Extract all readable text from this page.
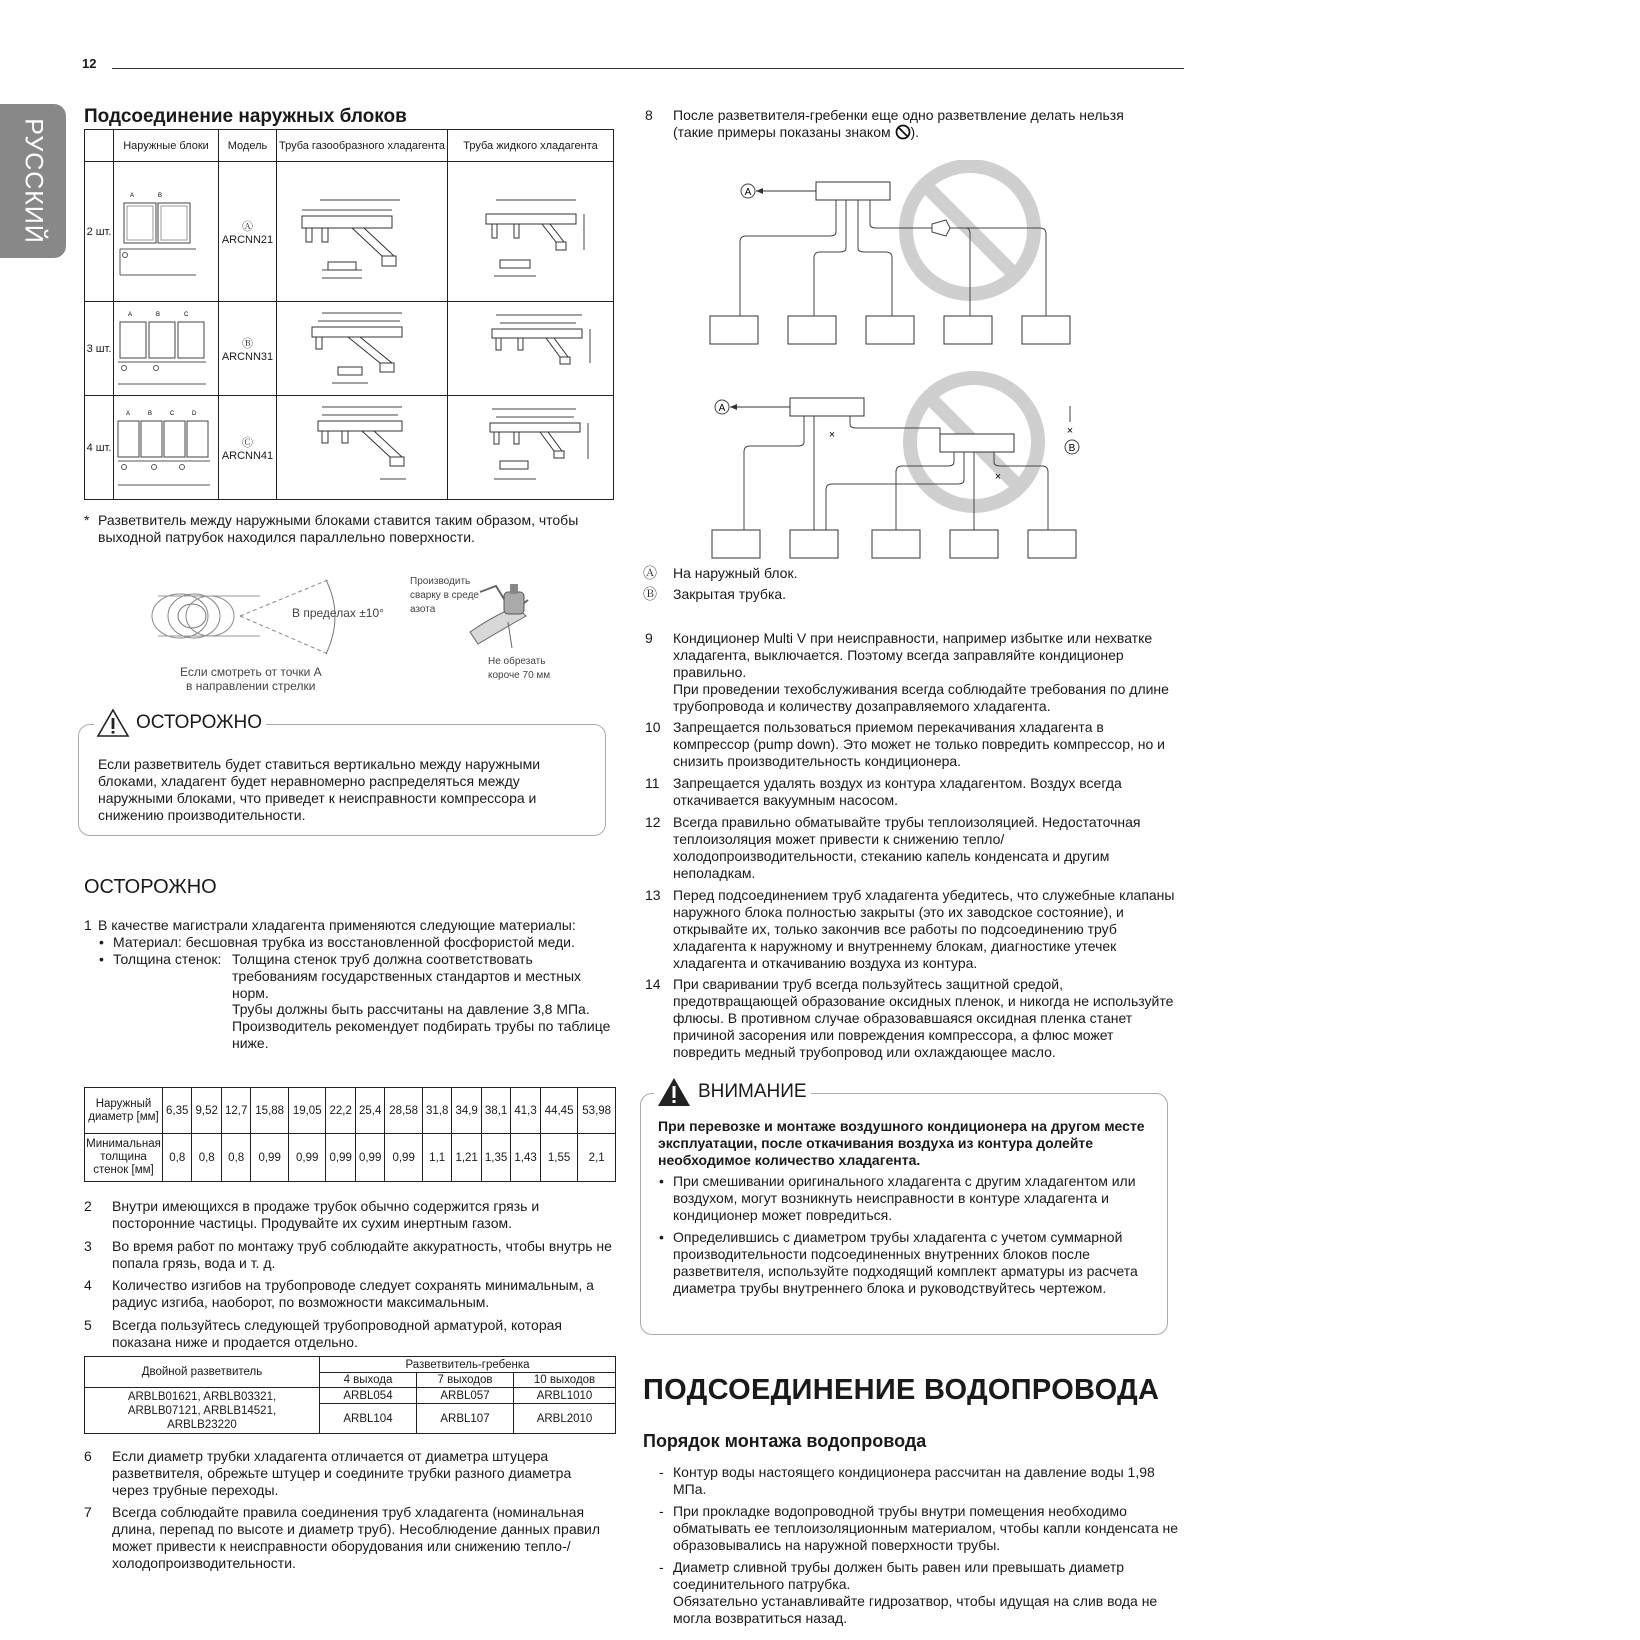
12
РУССКИЙ
Подсоединение наружных блоков
	Наружные блоки	Модель	Труба газообразного хладагента	Труба жидкого хладагента
2 шт.	A B	Ⓐ ARCNN21		
3 шт.	A B C	Ⓑ ARCNN31		
4 шт.	A B C D	Ⓒ ARCNN41		
* Разветвитель между наружными блоками ставится таким образом, чтобы выходной патрубок находился параллельно поверхности.
В пределах ±10°
Если смотреть от точки А
в направлении стрелки
Производить
сварку в среде
азота
Не обрезать
короче 70 мм
ОСТОРОЖНО
Если разветвитель будет ставиться вертикально между наружными блоками, хладагент будет неравномерно распределяться между наружными блоками, что приведет к неисправности компрессора и снижению производительности.
ОСТОРОЖНО
1 В качестве магистрали хладагента применяются следующие материалы:
• Материал: бесшовная трубка из восстановленной фосфористой меди.
• Толщина стенок: Толщина стенок труб должна соответствовать требованиям государственных стандартов и местных норм.
Трубы должны быть рассчитаны на давление 3,8 МПа. Производитель рекомендует подбирать трубы по таблице ниже.
Наружный диаметр [мм]	6,35	9,52	12,7	15,88	19,05	22,2	25,4	28,58	31,8	34,9	38,1	41,3	44,45	53,98
Минимальная толщина стенок [мм]	0,8	0,8	0,8	0,99	0,99	0,99	0,99	0,99	1,1	1,21	1,35	1,43	1,55	2,1
2 Внутри имеющихся в продаже трубок обычно содержится грязь и посторонние частицы. Продувайте их сухим инертным газом.
3 Во время работ по монтажу труб соблюдайте аккуратность, чтобы внутрь не попала грязь, вода и т. д.
4 Количество изгибов на трубопроводе следует сохранять минимальным, а радиус изгиба, наоборот, по возможности максимальным.
5 Всегда пользуйтесь следующей трубопроводной арматурой, которая показана ниже и продается отдельно.
Двойной разветвитель	Разветвитель-гребенка		
	4 выхода	7 выходов	10 выходов
ARBLB01621, ARBLB03321, ARBLB07121, ARBLB14521, ARBLB23220	ARBL054	ARBL057	ARBL1010
	ARBL104	ARBL107	ARBL2010
6 Если диаметр трубки хладагента отличается от диаметра штуцера разветвителя, обрежьте штуцер и соедините трубки разного диаметра через трубные переходы.
7 Всегда соблюдайте правила соединения труб хладагента (номинальная длина, перепад по высоте и диаметр труб). Несоблюдение данных правил может привести к неисправности оборудования или снижению тепло-/холодопроизводительности.
8 После разветвителя-гребенки еще одно разветвление делать нельзя
(такие примеры показаны знаком ).
A
A
×
×
×
B
Ⓐ На наружный блок.
Ⓑ Закрытая трубка.
9 Кондиционер Multi V при неисправности, например избытке или нехватке хладагента, выключается. Поэтому всегда заправляйте кондиционер правильно.
При проведении техобслуживания всегда соблюдайте требования по длине трубопровода и количеству дозаправляемого хладагента.
10 Запрещается пользоваться приемом перекачивания хладагента в компрессор (pump down). Это может не только повредить компрессор, но и снизить производительность кондиционера.
11 Запрещается удалять воздух из контура хладагентом. Воздух всегда откачивается вакуумным насосом.
12 Всегда правильно обматывайте трубы теплоизоляцией. Недостаточная теплоизоляция может привести к снижению тепло/холодопроизводительности, стеканию капель конденсата и другим неполадкам.
13 Перед подсоединением труб хладагента убедитесь, что служебные клапаны наружного блока полностью закрыты (это их заводское состояние), и открывайте их, только закончив все работы по подсоединению труб хладагента к наружному и внутреннему блокам, диагностике утечек хладагента и откачиванию воздуха из контура.
14 При сваривании труб всегда пользуйтесь защитной средой, предотвращающей образование оксидных пленок, и никогда не используйте флюсы. В противном случае образовавшаяся оксидная пленка станет причиной засорения или повреждения компрессора, а флюс может повредить медный трубопровод или охлаждающее масло.
ВНИМАНИЕ
При перевозке и монтаже воздушного кондиционера на другом месте эксплуатации, после откачивания воздуха из контура долейте необходимое количество хладагента.
• При смешивании оригинального хладагента с другим хладагентом или воздухом, могут возникнуть неисправности в контуре хладагента и кондиционер может повредиться.
• Определившись с диаметром трубы хладагента с учетом суммарной производительности подсоединенных внутренних блоков после разветвителя, используйте подходящий комплект арматуры из расчета диаметра трубы внутреннего блока и руководствуйтесь чертежом.
ПОДСОЕДИНЕНИЕ ВОДОПРОВОДА
Порядок монтажа водопровода
- Контур воды настоящего кондиционера рассчитан на давление воды 1,98 МПа.
- При прокладке водопроводной трубы внутри помещения необходимо обматывать ее теплоизоляционным материалом, чтобы капли конденсата не образовывались на наружной поверхности трубы.
- Диаметр сливной трубы должен быть равен или превышать диаметр соединительного патрубка.
Обязательно устанавливайте гидрозатвор, чтобы идущая на слив вода не могла возвратиться назад.
